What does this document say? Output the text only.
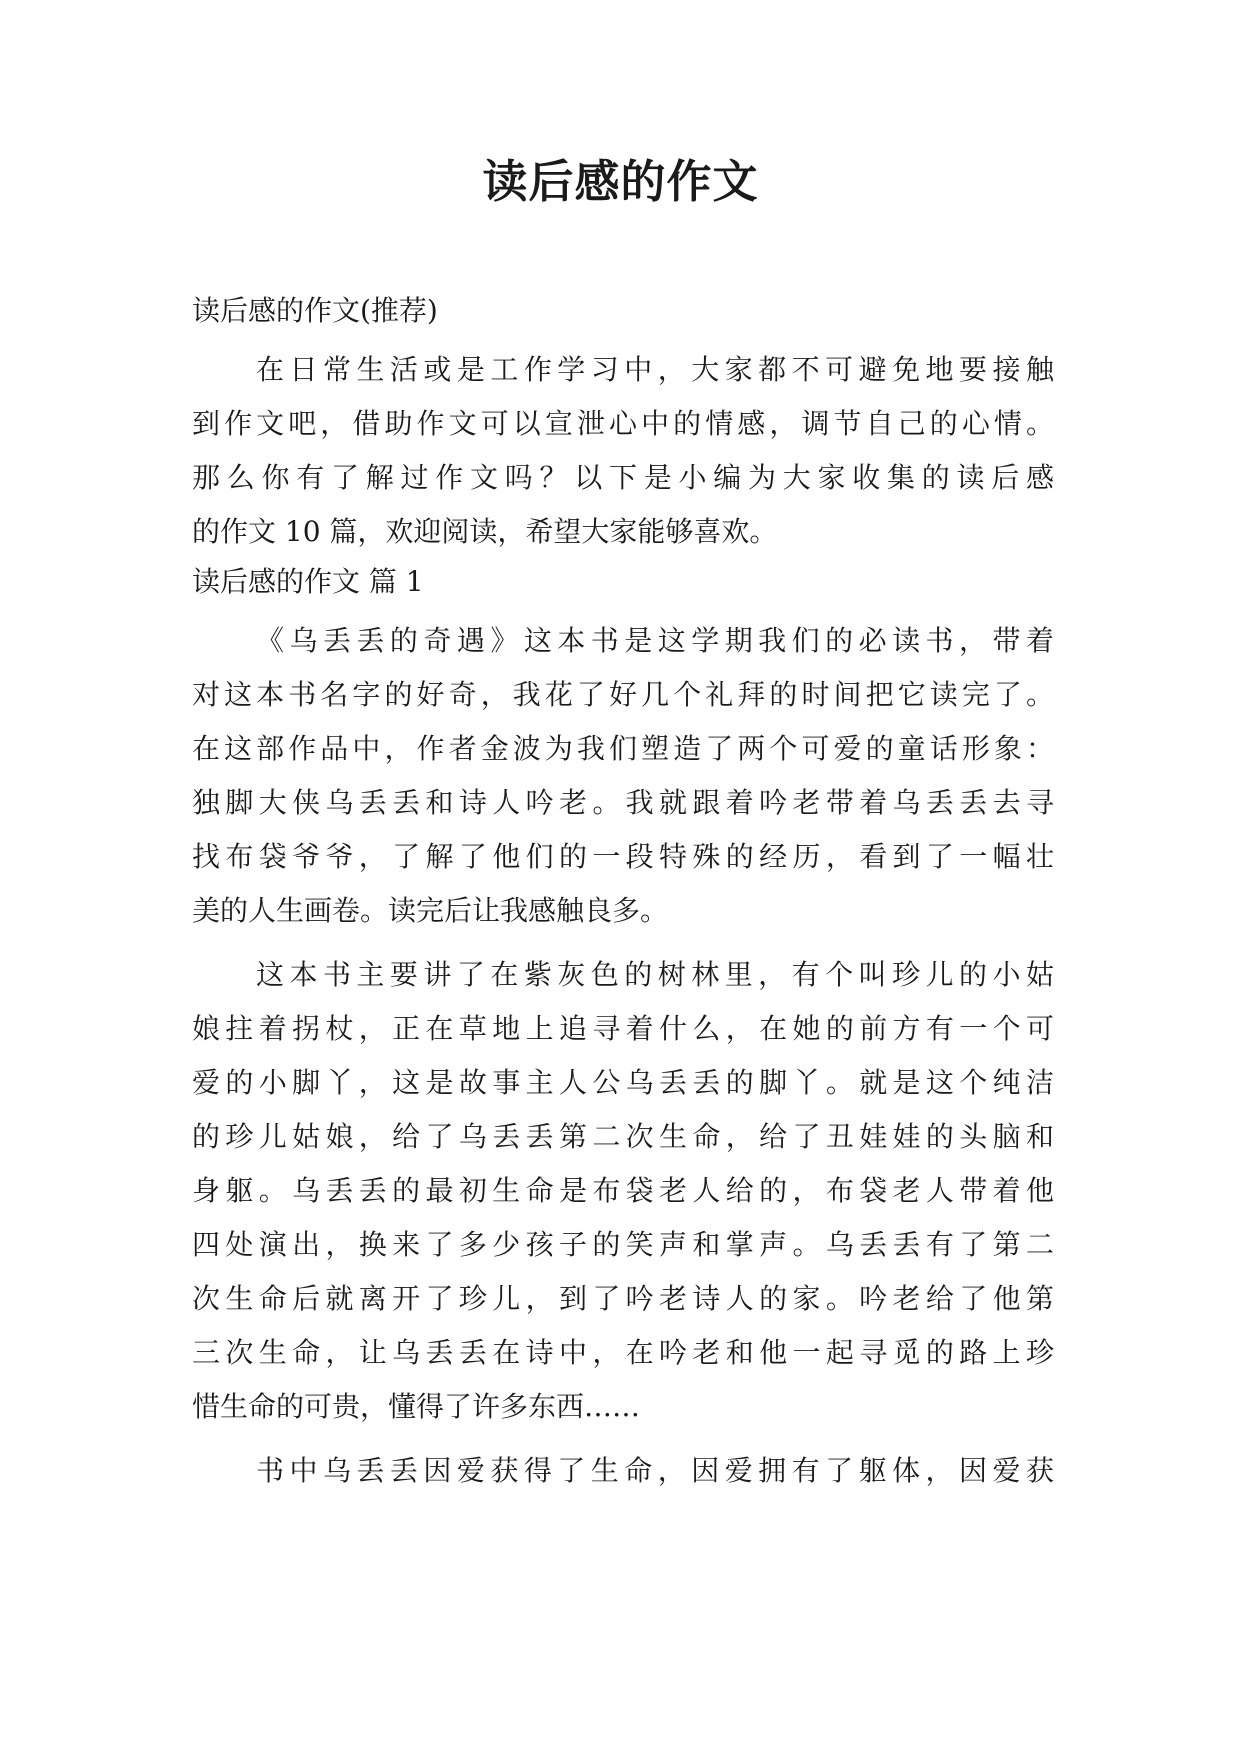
读后感的作文

读后感的作文(推荐)

在日常生活或是工作学习中，大家都不可避免地要接触

到作文吧，借助作文可以宣泄心中的情感，调节自己的心情。

那么你有了解过作文吗？以下是小编为大家收集的读后感

的作文 10 篇，欢迎阅读，希望大家能够喜欢。

读后感的作文 篇 1

《乌丢丢的奇遇》这本书是这学期我们的必读书，带着

对这本书名字的好奇，我花了好几个礼拜的时间把它读完了。

在这部作品中，作者金波为我们塑造了两个可爱的童话形象：

独脚大侠乌丢丢和诗人吟老。我就跟着吟老带着乌丢丢去寻

找布袋爷爷，了解了他们的一段特殊的经历，看到了一幅壮

美的人生画卷。读完后让我感触良多。

这本书主要讲了在紫灰色的树林里，有个叫珍儿的小姑

娘拄着拐杖，正在草地上追寻着什么，在她的前方有一个可

爱的小脚丫，这是故事主人公乌丢丢的脚丫。就是这个纯洁

的珍儿姑娘，给了乌丢丢第二次生命，给了丑娃娃的头脑和

身躯。乌丢丢的最初生命是布袋老人给的，布袋老人带着他

四处演出，换来了多少孩子的笑声和掌声。乌丢丢有了第二

次生命后就离开了珍儿，到了吟老诗人的家。吟老给了他第

三次生命，让乌丢丢在诗中，在吟老和他一起寻觅的路上珍

惜生命的可贵，懂得了许多东西……

书中乌丢丢因爱获得了生命，因爱拥有了躯体，因爱获
